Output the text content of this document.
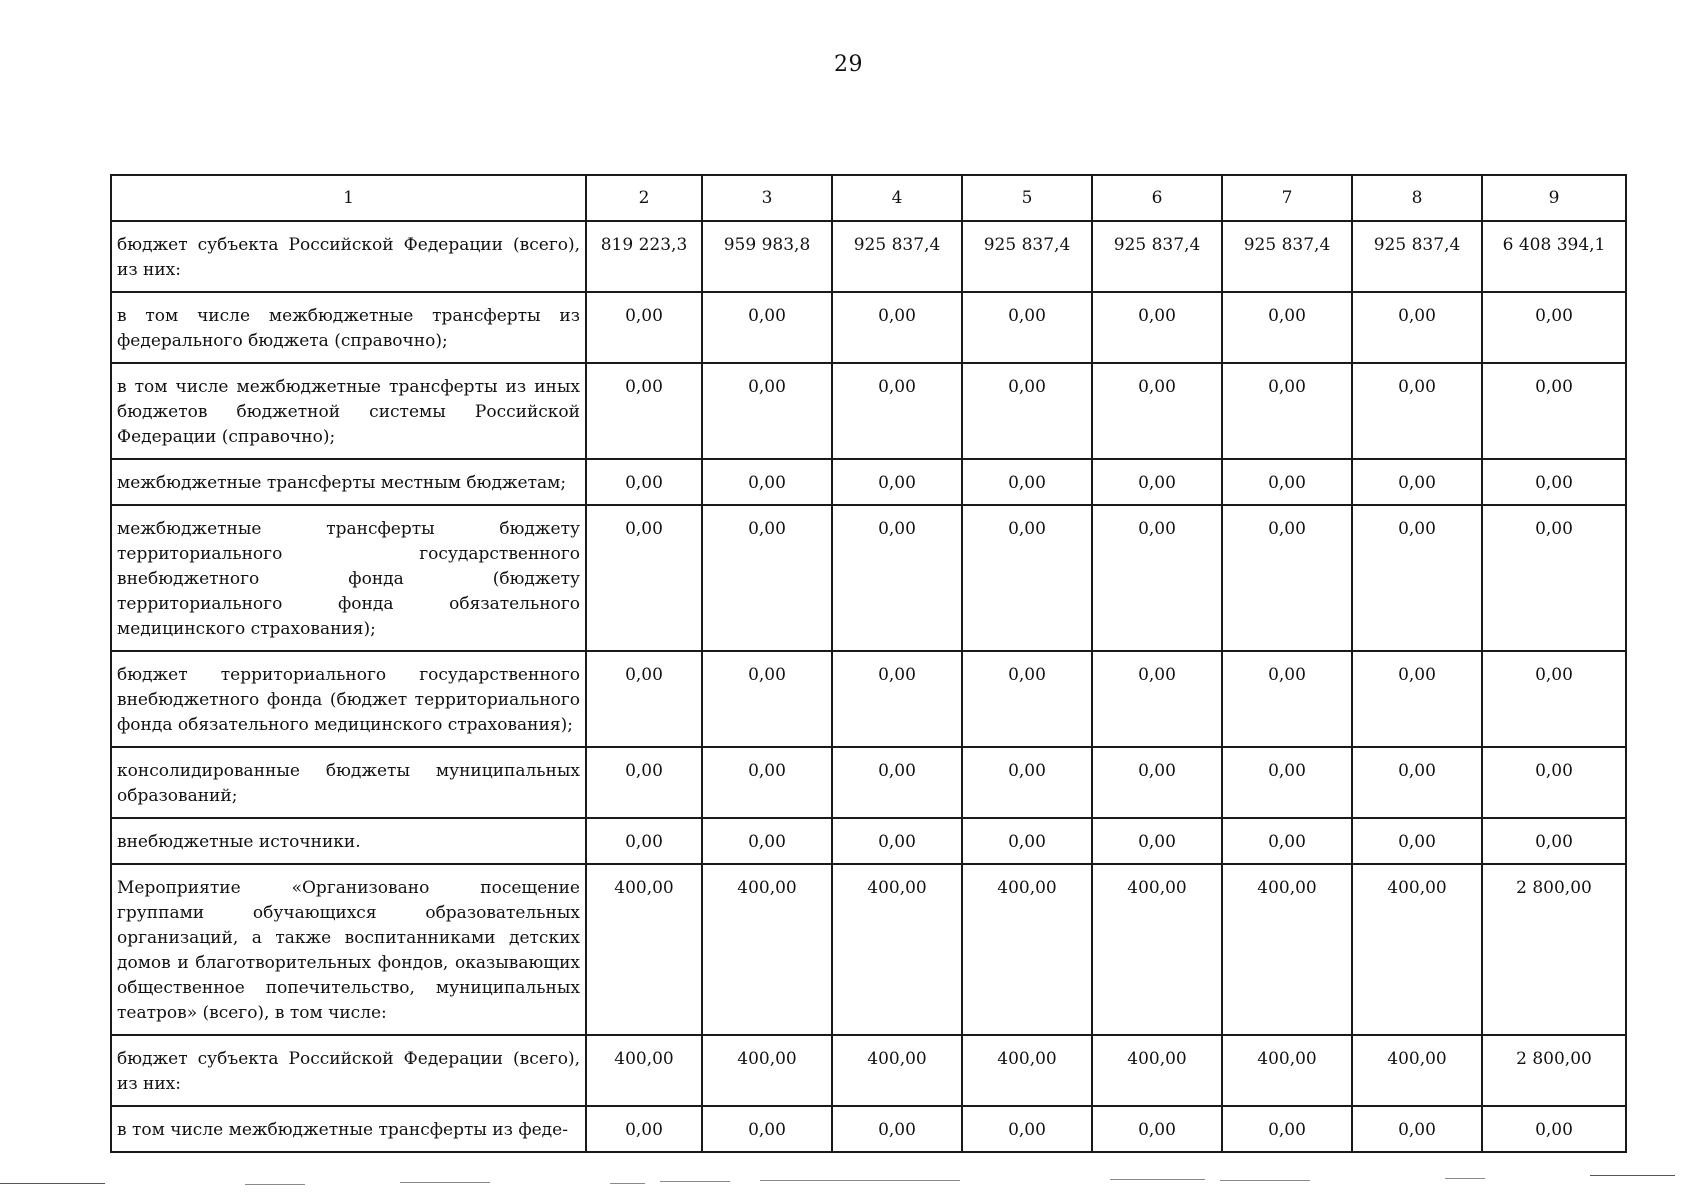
29
1	2	3	4	5	6	7	8	9
бюджет субъекта Российской Федерации (всего), из них:	819 223,3	959 983,8	925 837,4	925 837,4	925 837,4	925 837,4	925 837,4	6 408 394,1
в том числе межбюджетные трансферты из федерального бюджета (справочно);	0,00	0,00	0,00	0,00	0,00	0,00	0,00	0,00
в том числе межбюджетные трансферты из иных бюджетов бюджетной системы Российской Федерации (справочно);	0,00	0,00	0,00	0,00	0,00	0,00	0,00	0,00
межбюджетные трансферты местным бюджетам;	0,00	0,00	0,00	0,00	0,00	0,00	0,00	0,00
межбюджетные трансферты бюджету территориального государственного внебюджетного фонда (бюджету территориального фонда обязательного медицинского страхования);	0,00	0,00	0,00	0,00	0,00	0,00	0,00	0,00
бюджет территориального государственного внебюджетного фонда (бюджет территориального фонда обязательного медицинского страхования);	0,00	0,00	0,00	0,00	0,00	0,00	0,00	0,00
консолидированные бюджеты муниципальных образований;	0,00	0,00	0,00	0,00	0,00	0,00	0,00	0,00
внебюджетные источники.	0,00	0,00	0,00	0,00	0,00	0,00	0,00	0,00
Мероприятие «Организовано посещение группами обучающихся образовательных организаций, а также воспитанниками детских домов и благотворительных фондов, оказывающих общественное попечительство, муниципальных театров» (всего), в том числе:	400,00	400,00	400,00	400,00	400,00	400,00	400,00	2 800,00
бюджет субъекта Российской Федерации (всего), из них:	400,00	400,00	400,00	400,00	400,00	400,00	400,00	2 800,00
в том числе межбюджетные трансферты из феде-	0,00	0,00	0,00	0,00	0,00	0,00	0,00	0,00
